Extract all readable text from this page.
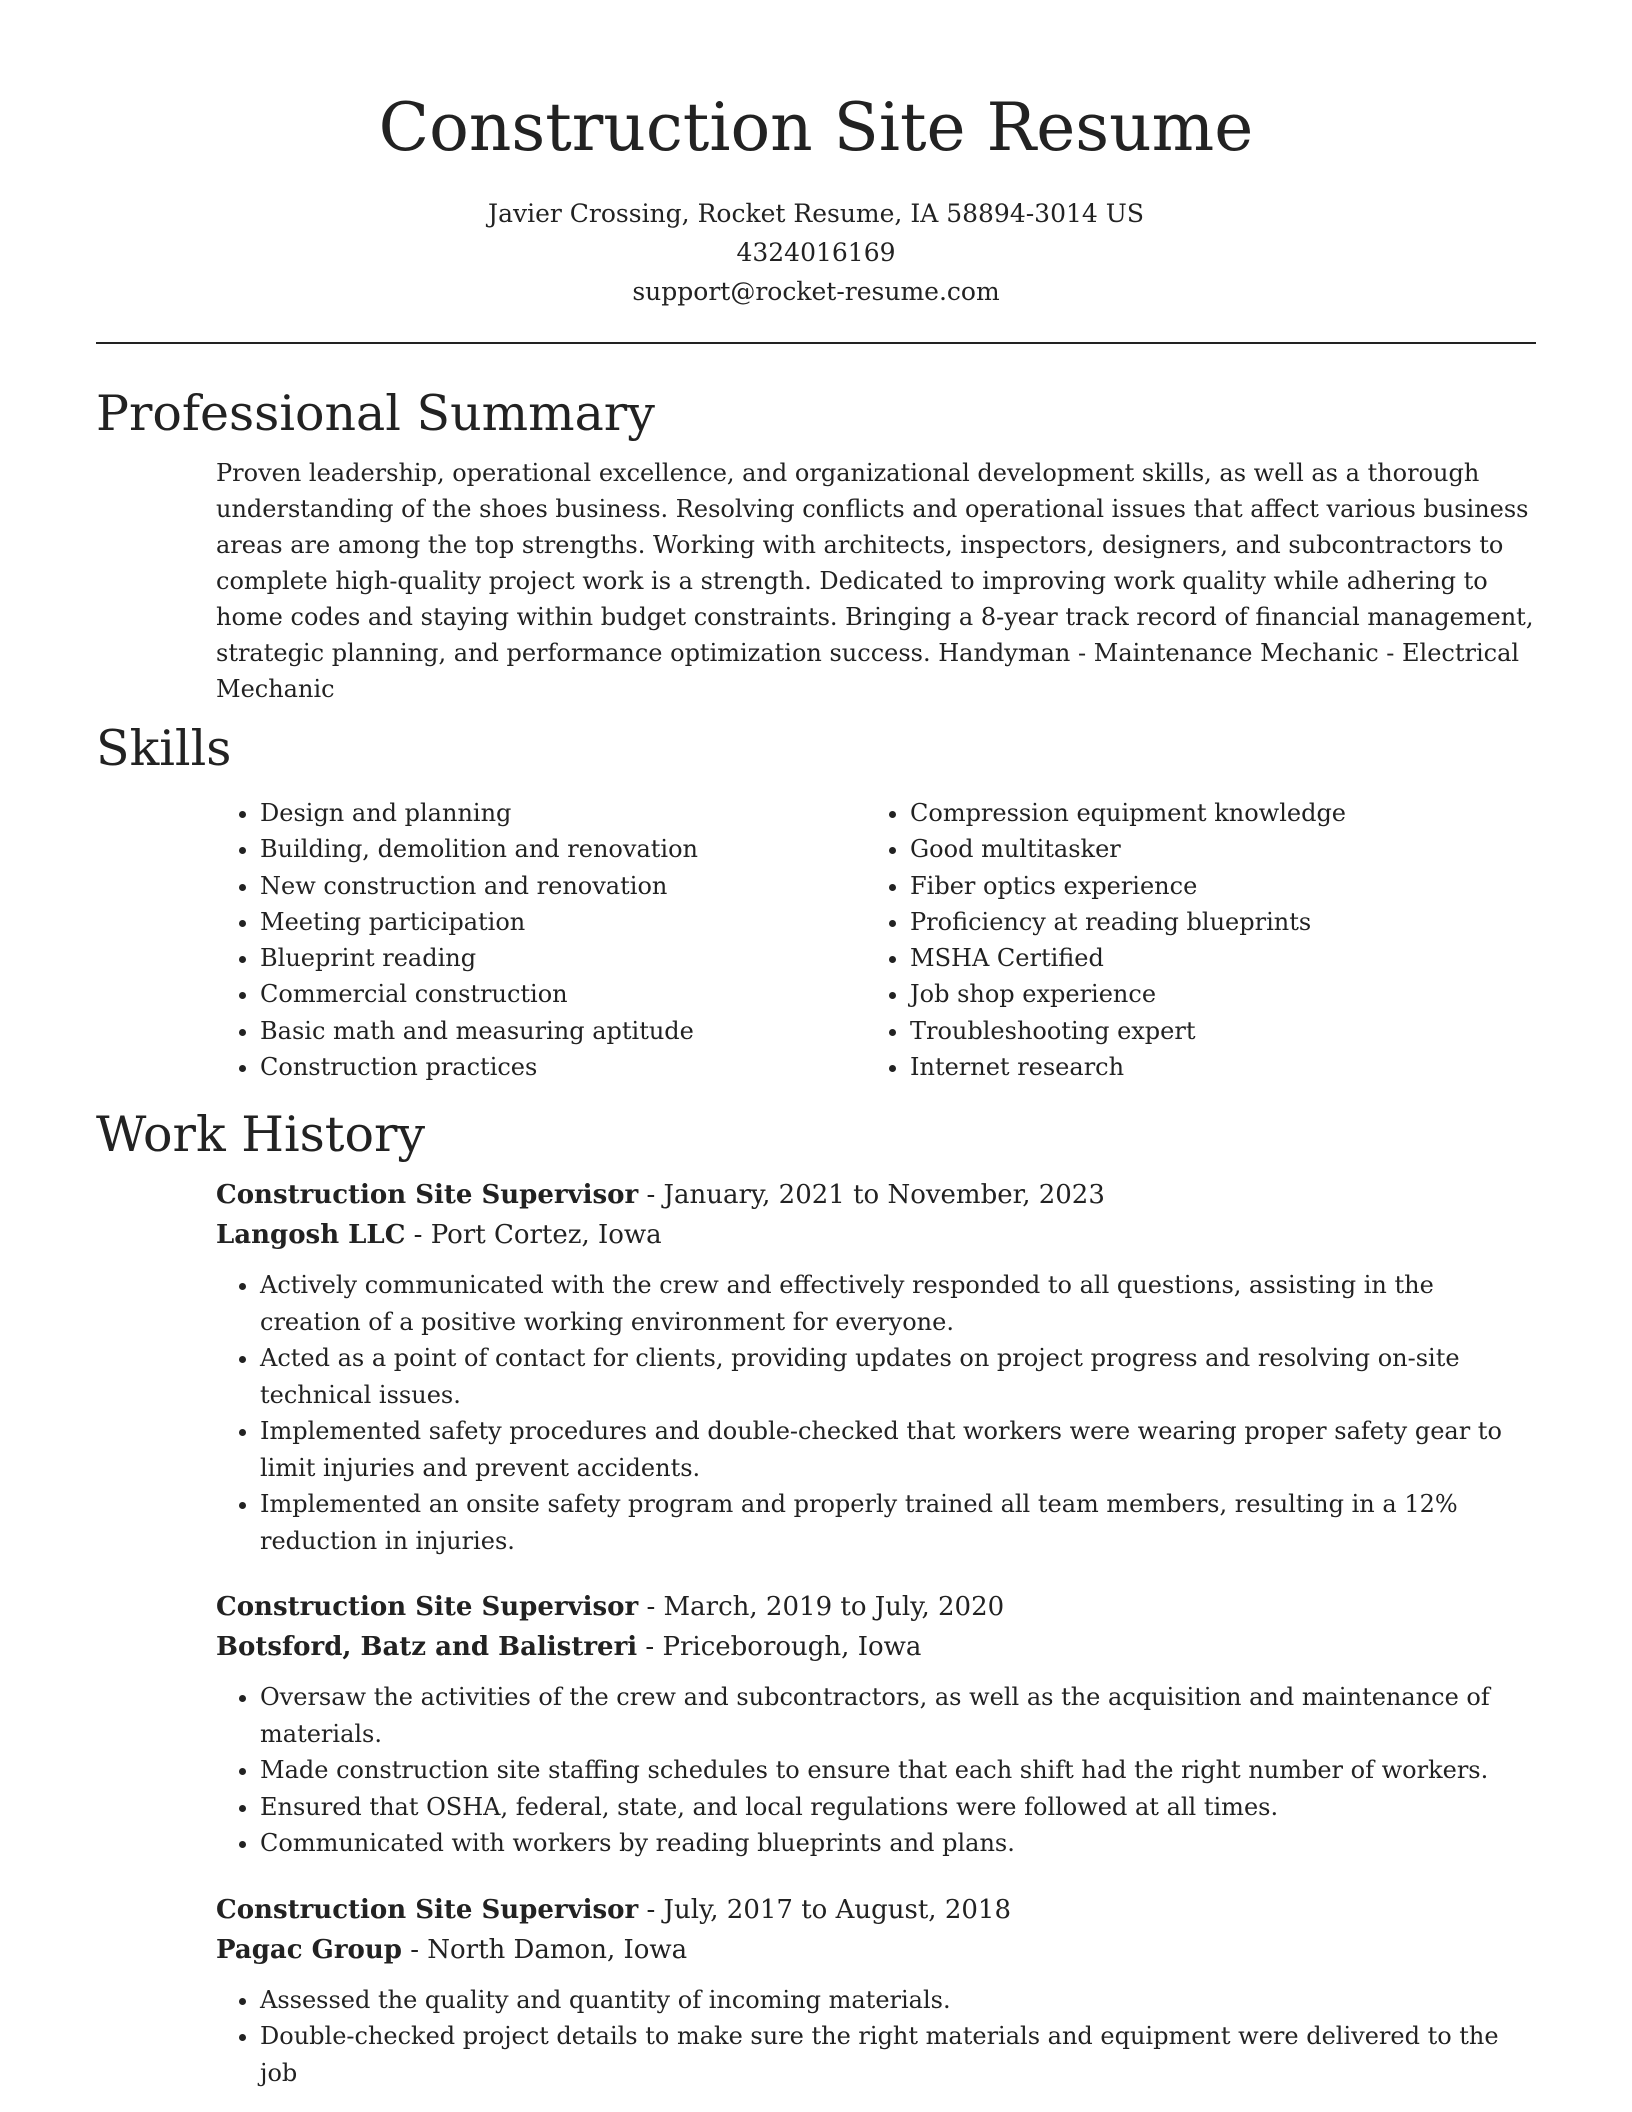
Construction Site Resume
Javier Crossing, Rocket Resume, IA 58894-3014 US
4324016169
support@rocket-resume.com
Professional Summary

Proven leadership, operational excellence, and organizational development skills, as well as a thorough understanding of the shoes business. Resolving conflicts and operational issues that affect various business areas are among the top strengths. Working with architects, inspectors, designers, and subcontractors to complete high-quality project work is a strength. Dedicated to improving work quality while adhering to home codes and staying within budget constraints. Bringing a 8-year track record of financial management, strategic planning, and performance optimization success. Handyman - Maintenance Mechanic - Electrical Mechanic

Skills
• Design and planning
• Building, demolition and renovation
• New construction and renovation
• Meeting participation
• Blueprint reading
• Commercial construction
• Basic math and measuring aptitude
• Construction practices
• Compression equipment knowledge
• Good multitasker
• Fiber optics experience
• Proficiency at reading blueprints
• MSHA Certified
• Job shop experience
• Troubleshooting expert
• Internet research
Work History
Construction Site Supervisor - January, 2021 to November, 2023
Langosh LLC - Port Cortez, Iowa
• Actively communicated with the crew and effectively responded to all questions, assisting in the creation of a positive working environment for everyone.
• Acted as a point of contact for clients, providing updates on project progress and resolving on-site technical issues.
• Implemented safety procedures and double-checked that workers were wearing proper safety gear to limit injuries and prevent accidents.
• Implemented an onsite safety program and properly trained all team members, resulting in a 12% reduction in injuries.
Construction Site Supervisor - March, 2019 to July, 2020
Botsford, Batz and Balistreri - Priceborough, Iowa
• Oversaw the activities of the crew and subcontractors, as well as the acquisition and maintenance of materials.
• Made construction site staffing schedules to ensure that each shift had the right number of workers.
• Ensured that OSHA, federal, state, and local regulations were followed at all times.
• Communicated with workers by reading blueprints and plans.
Construction Site Supervisor - July, 2017 to August, 2018
Pagac Group - North Damon, Iowa
• Assessed the quality and quantity of incoming materials.
• Double-checked project details to make sure the right materials and equipment were delivered to the job
